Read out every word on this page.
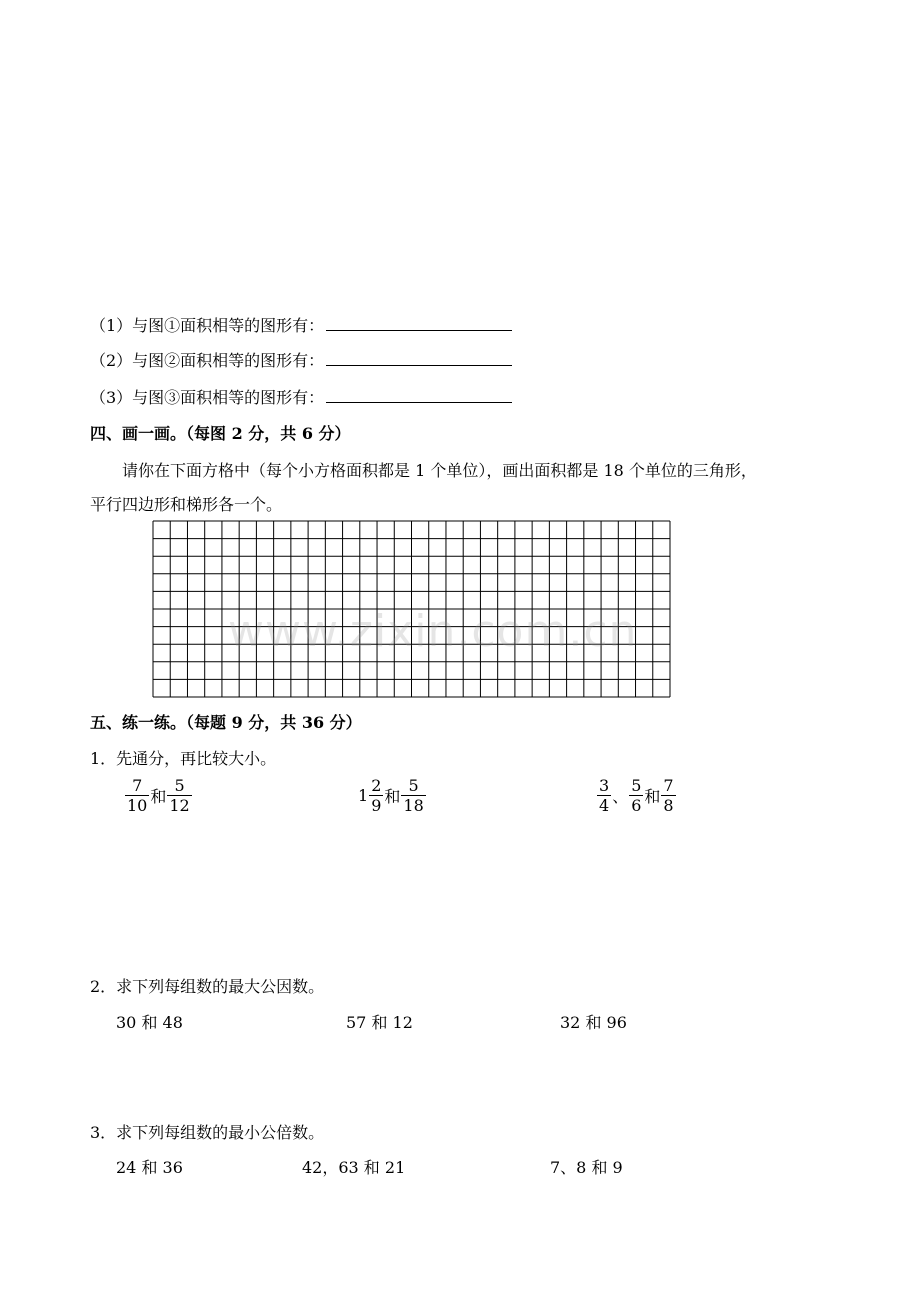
（1）与图①面积相等的图形有：
（2）与图②面积相等的图形有：
（3）与图③面积相等的图形有：
四、画一画。（每图 2 分，共 6 分）
请你在下面方格中（每个小方格面积都是 1 个单位），画出面积都是 18 个单位的三角形，
平行四边形和梯形各一个。
www.zixin.com.cn
五、练一练。（每题 9 分，共 36 分）
1．先通分，再比较大小。
$\frac{7}{10}$ 和 $\frac{5}{12}$	$1 \frac{2}{9}$ 和 $\frac{5}{18}$	$\frac{3}{4}$ 、 $\frac{5}{6}$ 和 $\frac{7}{8}$
2．求下列每组数的最大公因数。
30 和 48	57 和 12	32 和 96
3．求下列每组数的最小公倍数。
24 和 36	42，63 和 21	7、8 和 9
